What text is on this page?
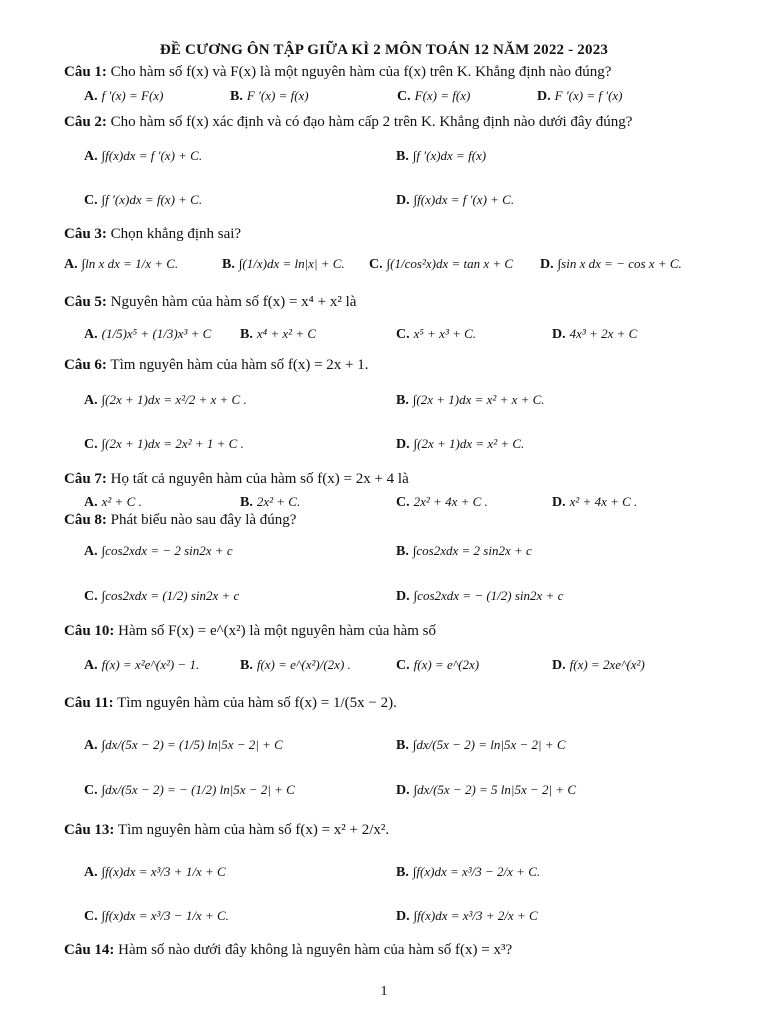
ĐỀ CƯƠNG ÔN TẬP GIỮA KÌ 2 MÔN TOÁN 12 NĂM 2022 - 2023
Câu 1: Cho hàm số f(x) và F(x) là một nguyên hàm của f(x) trên K. Khẳng định nào đúng?
A. f ′(x) = F(x)	B. F ′(x) = f(x)	C. F(x) = f(x)	D. F ′(x) = f ′(x)
Câu 2: Cho hàm số f(x) xác định và có đạo hàm cấp 2 trên K. Khẳng định nào dưới đây đúng?
A. ∫f(x)dx = f ′(x) + C.	B. ∫f ′(x)dx = f(x)
C. ∫f ′(x)dx = f(x) + C.	D. ∫f(x)dx = f ′(x) + C.
Câu 3: Chọn khẳng định sai?
A. ∫ln x dx = 1/x + C.	B. ∫(1/x)dx = ln|x| + C. C. ∫(1/cos²x)dx = tan x + C D. ∫sin x dx = − cos x + C.
Câu 5: Nguyên hàm của hàm số f(x) = x⁴ + x² là
A. (1/5)x⁵ + (1/3)x³ + C B. x⁴ + x² + C	C. x⁵ + x³ + C.	D. 4x³ + 2x + C
Câu 6: Tìm nguyên hàm của hàm số f(x) = 2x + 1.
A. ∫(2x + 1)dx = x²/2 + x + C .	B. ∫(2x + 1)dx = x² + x + C.
C. ∫(2x + 1)dx = 2x² + 1 + C .	D. ∫(2x + 1)dx = x² + C.
Câu 7: Họ tất cả nguyên hàm của hàm số f(x) = 2x + 4 là
A. x² + C .	B. 2x² + C.	C. 2x² + 4x + C .	D. x² + 4x + C .
Câu 8: Phát biểu nào sau đây là đúng?
A. ∫cos2xdx = − 2 sin2x + c	B. ∫cos2xdx = 2 sin2x + c
C. ∫cos2xdx = (1/2) sin2x + c	D. ∫cos2xdx = − (1/2) sin2x + c
Câu 10: Hàm số F(x) = e^(x²) là một nguyên hàm của hàm số
A. f(x) = x²e^(x²) − 1.	B. f(x) = e^(x²)/(2x) .	C. f(x) = e^(2x)	D. f(x) = 2xe^(x²)
Câu 11: Tìm nguyên hàm của hàm số f(x) = 1/(5x − 2).
A. ∫dx/(5x − 2) = (1/5) ln|5x − 2| + C	B. ∫dx/(5x − 2) = ln|5x − 2| + C
C. ∫dx/(5x − 2) = − (1/2) ln|5x − 2| + C	D. ∫dx/(5x − 2) = 5 ln|5x − 2| + C
Câu 13: Tìm nguyên hàm của hàm số f(x) = x² + 2/x².
A. ∫f(x)dx = x³/3 + 1/x + C	B. ∫f(x)dx = x³/3 − 2/x + C.
C. ∫f(x)dx = x³/3 − 1/x + C.	D. ∫f(x)dx = x³/3 + 2/x + C
Câu 14: Hàm số nào dưới đây không là nguyên hàm của hàm số f(x) = x³?
1
